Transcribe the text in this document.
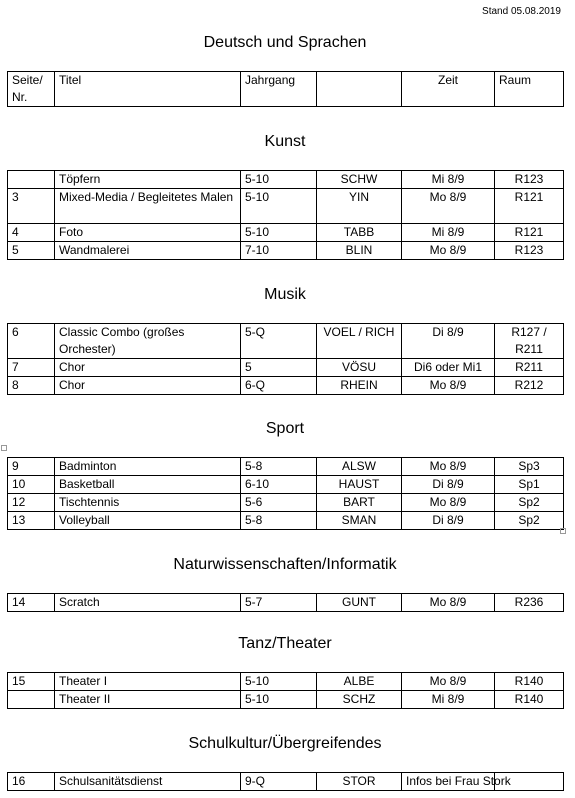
Stand 05.08.2019
Deutsch und Sprachen
Seite/ Nr.	Titel	Jahrgang		Zeit	Raum
Kunst
	Töpfern	5-10	SCHW	Mi 8/9	R123
3	Mixed-Media / Begleitetes Malen	5-10	YIN	Mo 8/9	R121
4	Foto	5-10	TABB	Mi 8/9	R121
5	Wandmalerei	7-10	BLIN	Mo 8/9	R123
Musik
6	Classic Combo (großes Orchester)	5-Q	VOEL / RICH	Di 8/9	R127 / R211
7	Chor	5	VÖSU	Di6 oder Mi1	R211
8	Chor	6-Q	RHEIN	Mo 8/9	R212
Sport
9	Badminton	5-8	ALSW	Mo 8/9	Sp3
10	Basketball	6-10	HAUST	Di 8/9	Sp1
12	Tischtennis	5-6	BART	Mo 8/9	Sp2
13	Volleyball	5-8	SMAN	Di 8/9	Sp2
Naturwissenschaften/Informatik
14	Scratch	5-7	GUNT	Mo 8/9	R236
Tanz/Theater
15	Theater I	5-10	ALBE	Mo 8/9	R140
	Theater II	5-10	SCHZ	Mi 8/9	R140
Schulkultur/Übergreifendes
16	Schulsanitätsdienst	9-Q	STOR	Infos bei Frau Stork	
